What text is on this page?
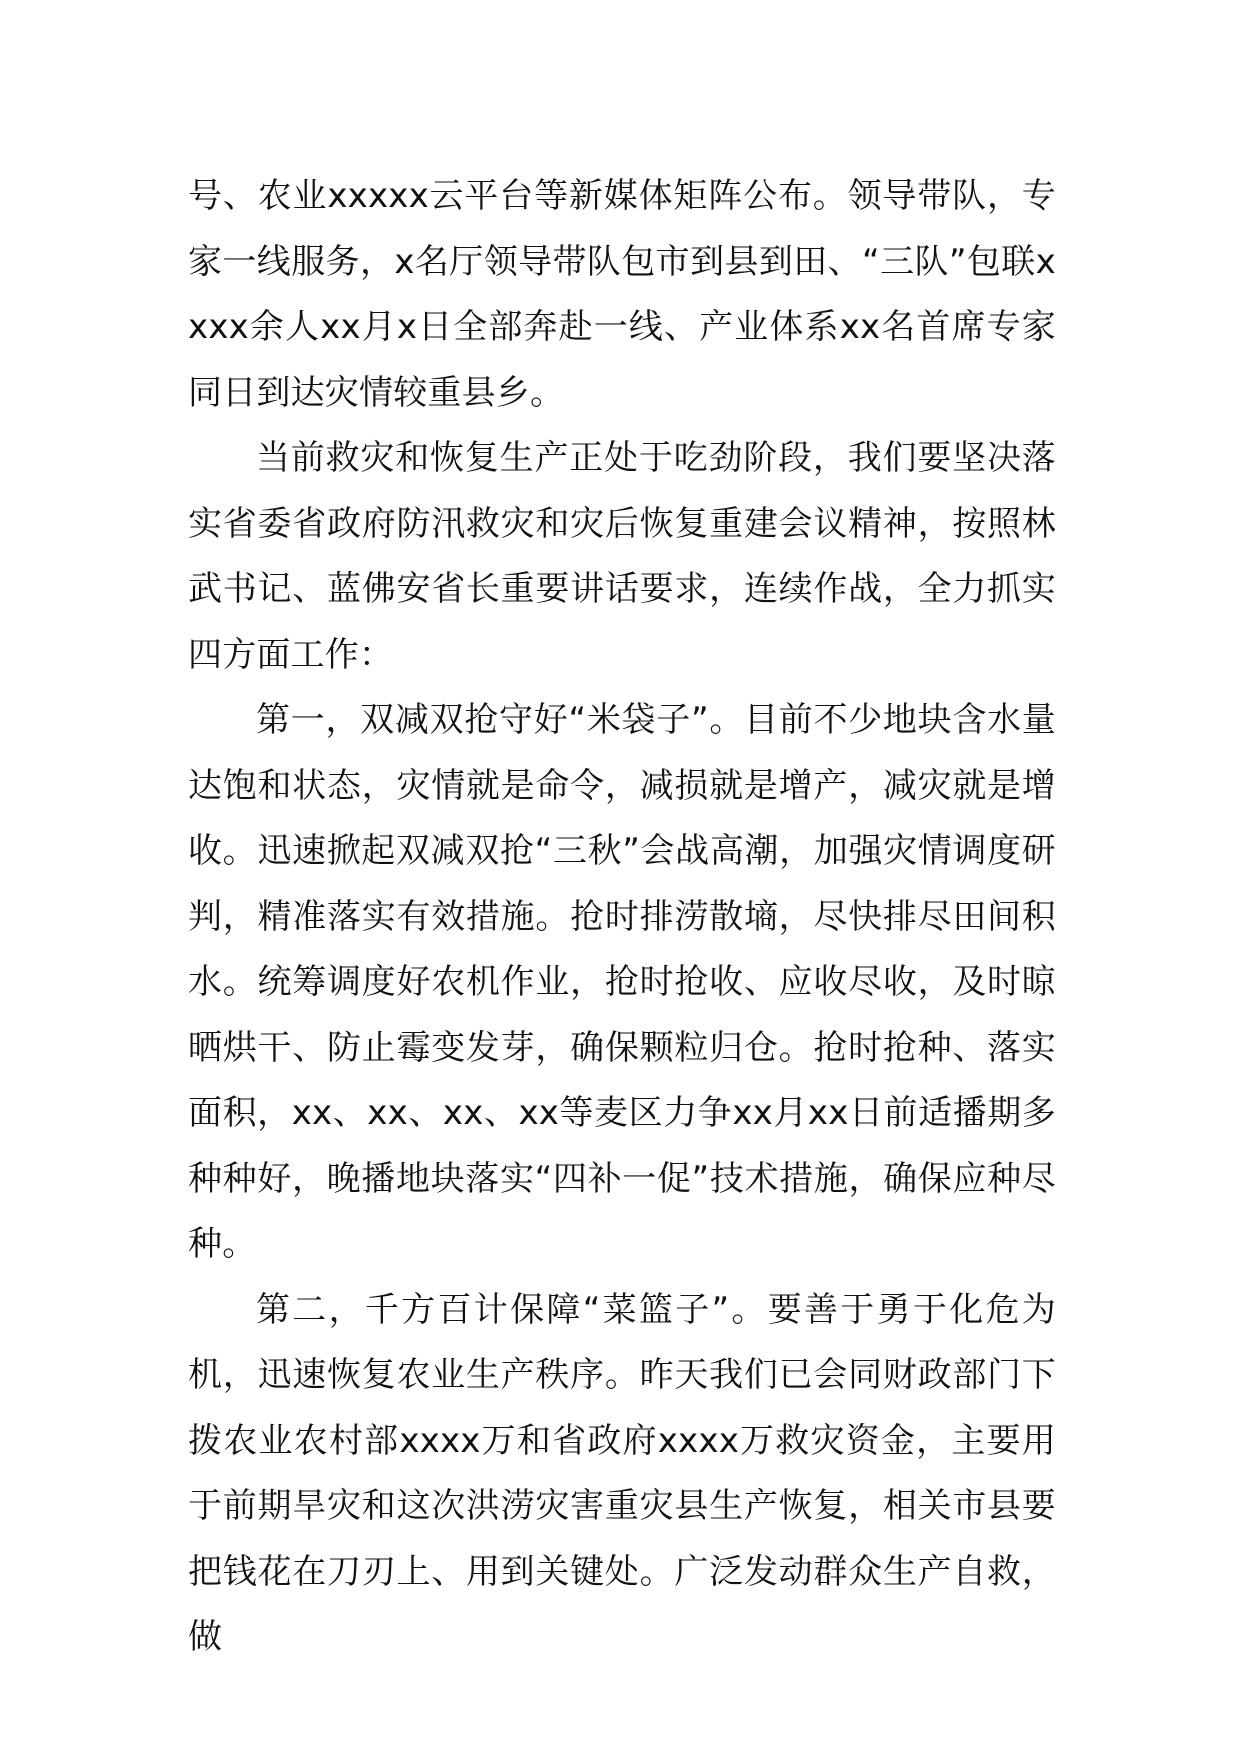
号、农业xxxxx云平台等新媒体矩阵公布。领导带队，专家一线服务，x名厅领导带队包市到县到田、“三队”包联xxxx余人xx月x日全部奔赴一线、产业体系xx名首席专家同日到达灾情较重县乡。

当前救灾和恢复生产正处于吃劲阶段，我们要坚决落实省委省政府防汛救灾和灾后恢复重建会议精神，按照林武书记、蓝佛安省长重要讲话要求，连续作战，全力抓实四方面工作：

第一，双减双抢守好“米袋子”。目前不少地块含水量达饱和状态，灾情就是命令，减损就是增产，减灾就是增收。迅速掀起双减双抢“三秋”会战高潮，加强灾情调度研判，精准落实有效措施。抢时排涝散墒，尽快排尽田间积水。统筹调度好农机作业，抢时抢收、应收尽收，及时晾晒烘干、防止霉变发芽，确保颗粒归仓。抢时抢种、落实面积，xx、xx、xx、xx等麦区力争xx月xx日前适播期多种种好，晚播地块落实“四补一促”技术措施，确保应种尽种。

第二，千方百计保障“菜篮子”。要善于勇于化危为机，迅速恢复农业生产秩序。昨天我们已会同财政部门下拨农业农村部xxxx万和省政府xxxx万救灾资金，主要用于前期旱灾和这次洪涝灾害重灾县生产恢复，相关市县要把钱花在刀刃上、用到关键处。广泛发动群众生产自救，做
